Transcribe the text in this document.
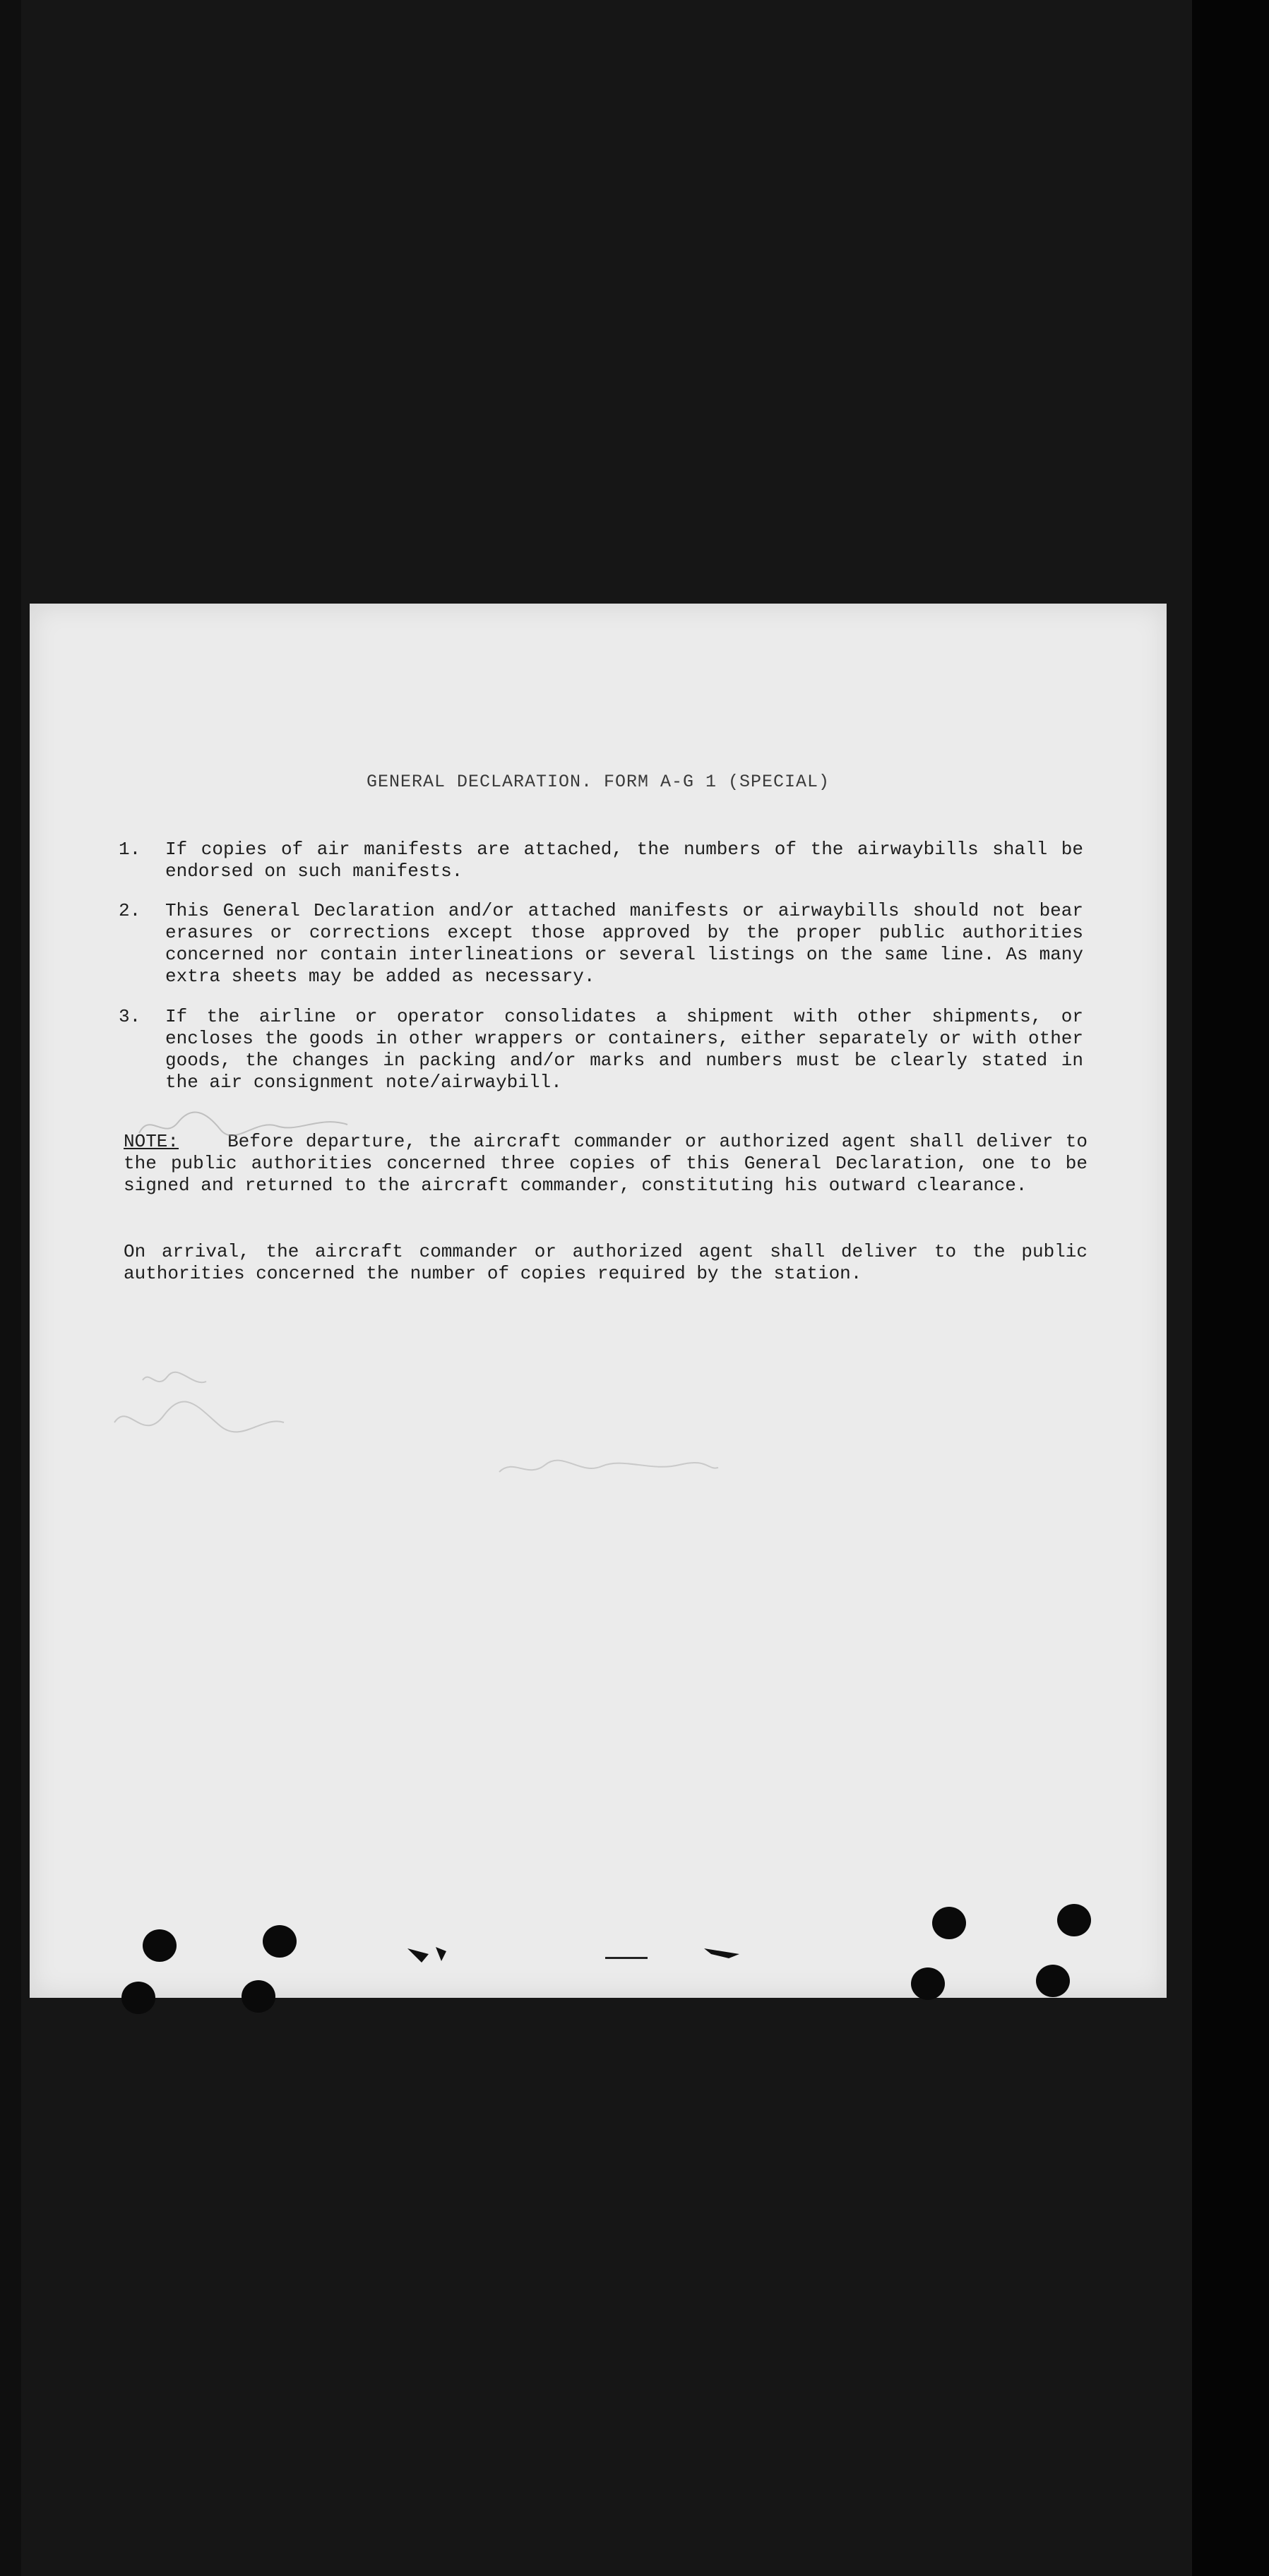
GENERAL DECLARATION. FORM A-G 1 (SPECIAL)
1. If copies of air manifests are attached, the numbers of the airwaybills shall be endorsed on such manifests.
2. This General Declaration and/or attached manifests or airwaybills should not bear erasures or corrections except those approved by the proper public authorities concerned nor contain interlineations or several listings on the same line. As many extra sheets may be added as necessary.
3. If the airline or operator consolidates a shipment with other shipments, or encloses the goods in other wrappers or containers, either separately or with other goods, the changes in packing and/or marks and numbers must be clearly stated in the air consignment note/airwaybill.
NOTE:	Before departure, the aircraft commander or authorized agent shall deliver to the public authorities concerned three copies of this General Declaration, one to be signed and returned to the aircraft commander, constituting his outward clearance.
On arrival, the aircraft commander or authorized agent shall deliver to the public authorities concerned the number of copies required by the station.
